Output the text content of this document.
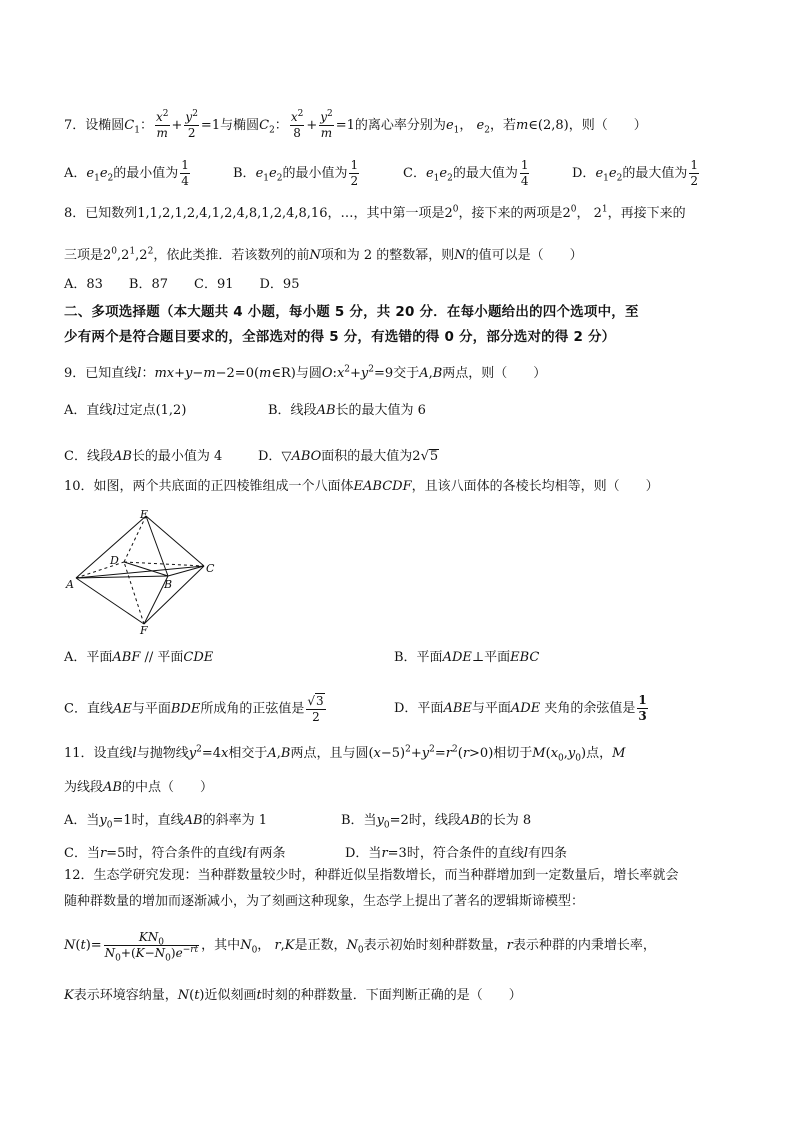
7．设椭圆$C_1$： $\frac{x^2}{m} + \frac{y^2}{2} =1$与椭圆$C_2$： $\frac{x^2}{8} + \frac{y^2}{m} =1$的离心率分别为$e_1$， $e_2$，若m∈(2,8)，则（　　）
A．$e_1e_2$的最小值为 $\frac{1}{4}$	B．$e_1e_2$的最小值为 $\frac{1}{2}$	C．$e_1e_2$的最大值为 $\frac{1}{4}$	D．$e_1e_2$的最大值为 $\frac{1}{2}$
8．已知数列1,1,2,1,2,4,1,2,4,8,1,2,4,8,16，…，其中第一项是$2^0$，接下来的两项是$2^0$， $2^1$，再接下来的
三项是$2^0,2^1,2^2$，依此类推．若该数列的前N项和为 2 的整数幂，则N的值可以是（　　）
A．83　　B．87　　C．91　　D．95
二、多项选择题（本大题共 4 小题，每小题 5 分，共 20 分．在每小题给出的四个选项中，至
少有两个是符合题目要求的，全部选对的得 5 分，有选错的得 0 分，部分选对的得 2 分）
9．已知直线l：mx+y−m−2=0(m∈R)与圆$O:x^2+y^2=9$交于A,B两点，则（　　）
A．直线l过定点(1,2)	B．线段AB长的最大值为 6
C．线段AB长的最小值为 4	D．▽ABO面积的最大值为2√5
10．如图，两个共底面的正四棱锥组成一个八面体EABCDF，且该八面体的各棱长均相等，则（　　）
E
D
A	B
C
F
A．平面ABF // 平面CDE	B．平面ADE⊥平面EBC
C．直线AE与平面BDE所成角的正弦值是 $\frac{√3}{2}$	D．平面ABE与平面ADE 夹角的余弦值是 $\frac{1}{3}$
11．设直线l与抛物线$y^2=4x$相交于A,B两点，且与圆$(x-5)^2+y^2=r^2(r>0)$相切于$M(x_0,y_0)$点，M
为线段AB的中点（　　）
A．当$y_0=1$时，直线AB的斜率为 1	B．当$y_0=2$时，线段AB的长为 8
C．当r=5时，符合条件的直线l有两条	D．当r=3时，符合条件的直线l有四条
12．生态学研究发现：当种群数量较少时，种群近似呈指数增长，而当种群增加到一定数量后，增长率就会
随种群数量的增加而逐渐减小，为了刻画这种现象，生态学上提出了著名的逻辑斯谛模型：
$N(t)= \frac{KN_0}{N_0+(K-N_0)e^{-rt}}$ ，其中$N_0$， r,K是正数，$N_0$表示初始时刻种群数量，r表示种群的内秉增长率，
K表示环境容纳量，N(t)近似刻画t时刻的种群数量．下面判断正确的是（　　）
